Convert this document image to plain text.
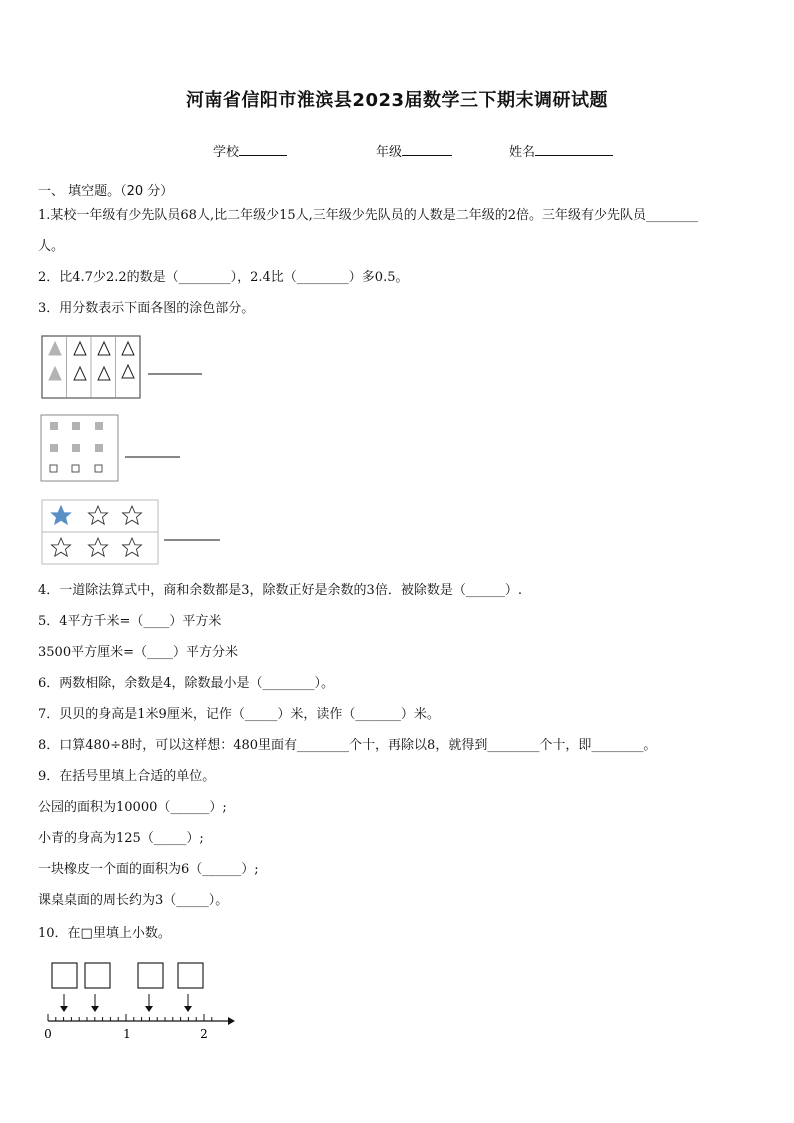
河南省信阳市淮滨县2023届数学三下期末调研试题
学校	年级	姓名
一、 填空题。（20 分）
1.某校一年级有少先队员68人,比二年级少15人,三年级少先队员的人数是二年级的2倍。三年级有少先队员________
人。
2．比4.7少2.2的数是（________），2.4比（________）多0.5。
3．用分数表示下面各图的涂色部分。
4．一道除法算式中，商和余数都是3，除数正好是余数的3倍．被除数是（______）.
5．4平方千米=（____）平方米
3500平方厘米=（____）平方分米
6．两数相除，余数是4，除数最小是（________）。
7．贝贝的身高是1米9厘米，记作（_____）米，读作（_______）米。
8．口算480÷8时，可以这样想：480里面有________个十，再除以8，就得到________个十，即________。
9．在括号里填上合适的单位。
公园的面积为10000（______）;
小青的身高为125（_____）;
一块橡皮一个面的面积为6（______）;
课桌桌面的周长约为3（_____）。
10．在□里填上小数。
0	1	2
